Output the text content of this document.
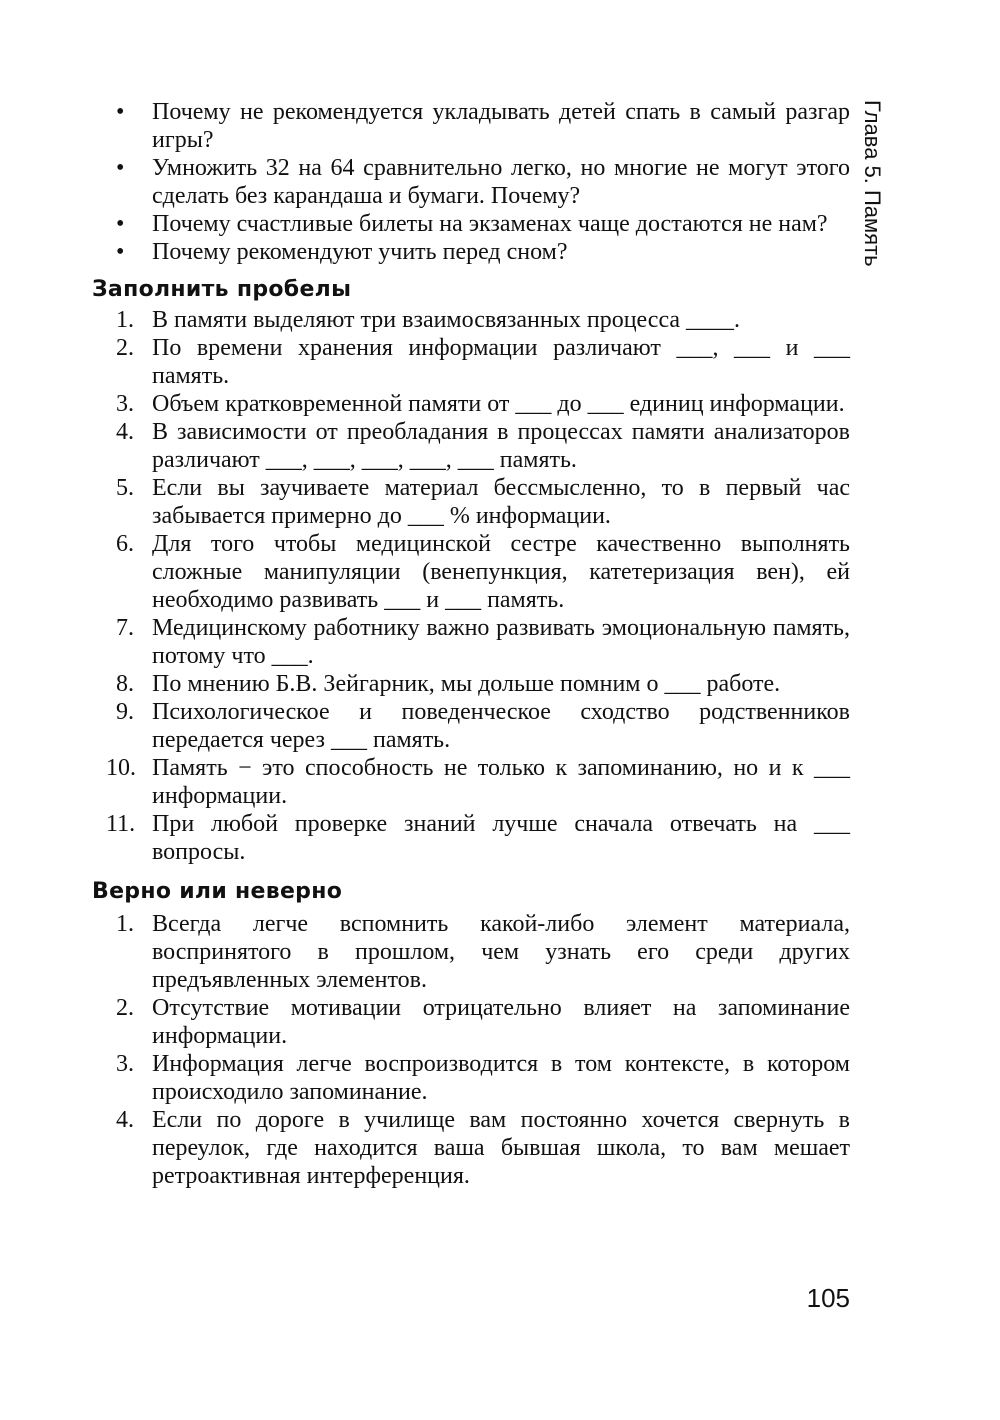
Глава 5. Память
• Почему не рекомендуется укладывать детей спать в самый разгар игры?
• Умножить 32 на 64 сравнительно легко, но многие не могут этого сделать без карандаша и бумаги. Почему?
• Почему счастливые билеты на экзаменах чаще достаются не нам?
• Почему рекомендуют учить перед сном?
Заполнить пробелы
1. В памяти выделяют три взаимосвязанных процесса ____.
2. По времени хранения информации различают ___, ___ и ___ память.
3. Объем кратковременной памяти от ___ до ___ единиц информации.
4. В зависимости от преобладания в процессах памяти анализаторов различают ___, ___, ___, ___, ___ память.
5. Если вы заучиваете материал бессмысленно, то в первый час забывается примерно до ___ % информации.
6. Для того чтобы медицинской сестре качественно выполнять сложные манипуляции (венепункция, катетеризация вен), ей необходимо развивать ___ и ___ память.
7. Медицинскому работнику важно развивать эмоциональную память, потому что ___.
8. По мнению Б.В. Зейгарник, мы дольше помним о ___ работе.
9. Психологическое и поведенческое сходство родственников передается через ___ память.
10. Память − это способность не только к запоминанию, но и к ___ информации.
11. При любой проверке знаний лучше сначала отвечать на ___ вопросы.
Верно или неверно
1. Всегда легче вспомнить какой-либо элемент материала, воспринятого в прошлом, чем узнать его среди других предъявленных элементов.
2. Отсутствие мотивации отрицательно влияет на запоминание информации.
3. Информация легче воспроизводится в том контексте, в котором происходило запоминание.
4. Если по дороге в училище вам постоянно хочется свернуть в переулок, где находится ваша бывшая школа, то вам мешает ретроактивная интерференция.
105
